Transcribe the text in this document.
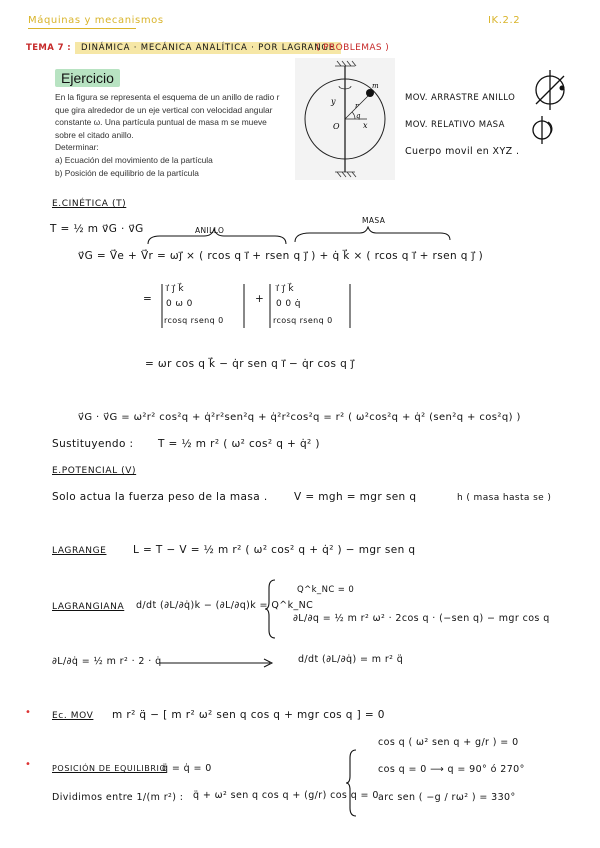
Máquinas y mecanismos	IK.2.2
TEMA 7 :	DINÁMICA · MECÁNICA ANALÍTICA · POR LAGRANGE
( PROBLEMAS )
Ejercicio
En la figura se representa el esquema de un anillo de radio r que gira alrededor de un eje vertical con velocidad angular constante ω. Una partícula puntual de masa m se mueve sobre el citado anillo.
Determinar:
a) Ecuación del movimiento de la partícula
b) Posición de equilibrio de la partícula
y
x
O
r
q
m
MOV. ARRASTRE ANILLO
MOV. RELATIVO MASA
Cuerpo movil en XYZ .
E.CINÉTICA (T)
T = ½ m v⃗G · v⃗G	ANILLO
MASA
v⃗G = V⃗e + V⃗r = ωj⃗ × ( rcos q i⃗ + rsen q j⃗ ) + q̇ k⃗ × ( rcos q i⃗ + rsen q j⃗ )
=
i⃗ j⃗ k⃗
0 ω 0
rcosq rsenq 0
+
i⃗ j⃗ k⃗
0 0 q̇
rcosq rsenq 0
= ωr cos q k⃗ − q̇r sen q i⃗ − q̇r cos q j⃗
v⃗G · v⃗G = ω²r² cos²q + q̇²r²sen²q + q̇²r²cos²q = r² ( ω²cos²q + q̇² (sen²q + cos²q) )
Sustituyendo : T = ½ m r² ( ω² cos² q + q̇² )
E.POTENCIAL (V)
Solo actua la fuerza peso de la masa .	V = mgh = mgr sen q	h ( masa hasta se )
LAGRANGE	L = T − V = ½ m r² ( ω² cos² q + q̇² ) − mgr sen q
LAGRANGIANA d/dt (∂L/∂q̇)k − (∂L/∂q)k = Q^k_NC
Q^k_NC = 0
∂L/∂q = ½ m r² ω² · 2cos q · (−sen q) − mgr cos q
∂L/∂q̇ = ½ m r² · 2 · q̇	d/dt (∂L/∂q̇) = m r² q̈
• Ec. MOV m r² q̈ − [ m r² ω² sen q cos q + mgr cos q ] = 0
•	POSICIÓN DE EQUILIBRIO
q̈ = q̇ = 0
Dividimos entre 1/(m r²) : q̈ + ω² sen q cos q + (g/r) cos q = 0
cos q ( ω² sen q + g/r ) = 0
cos q = 0 ⟶ q = 90° ó 270°
arc sen ( −g / rω² ) = 330°
